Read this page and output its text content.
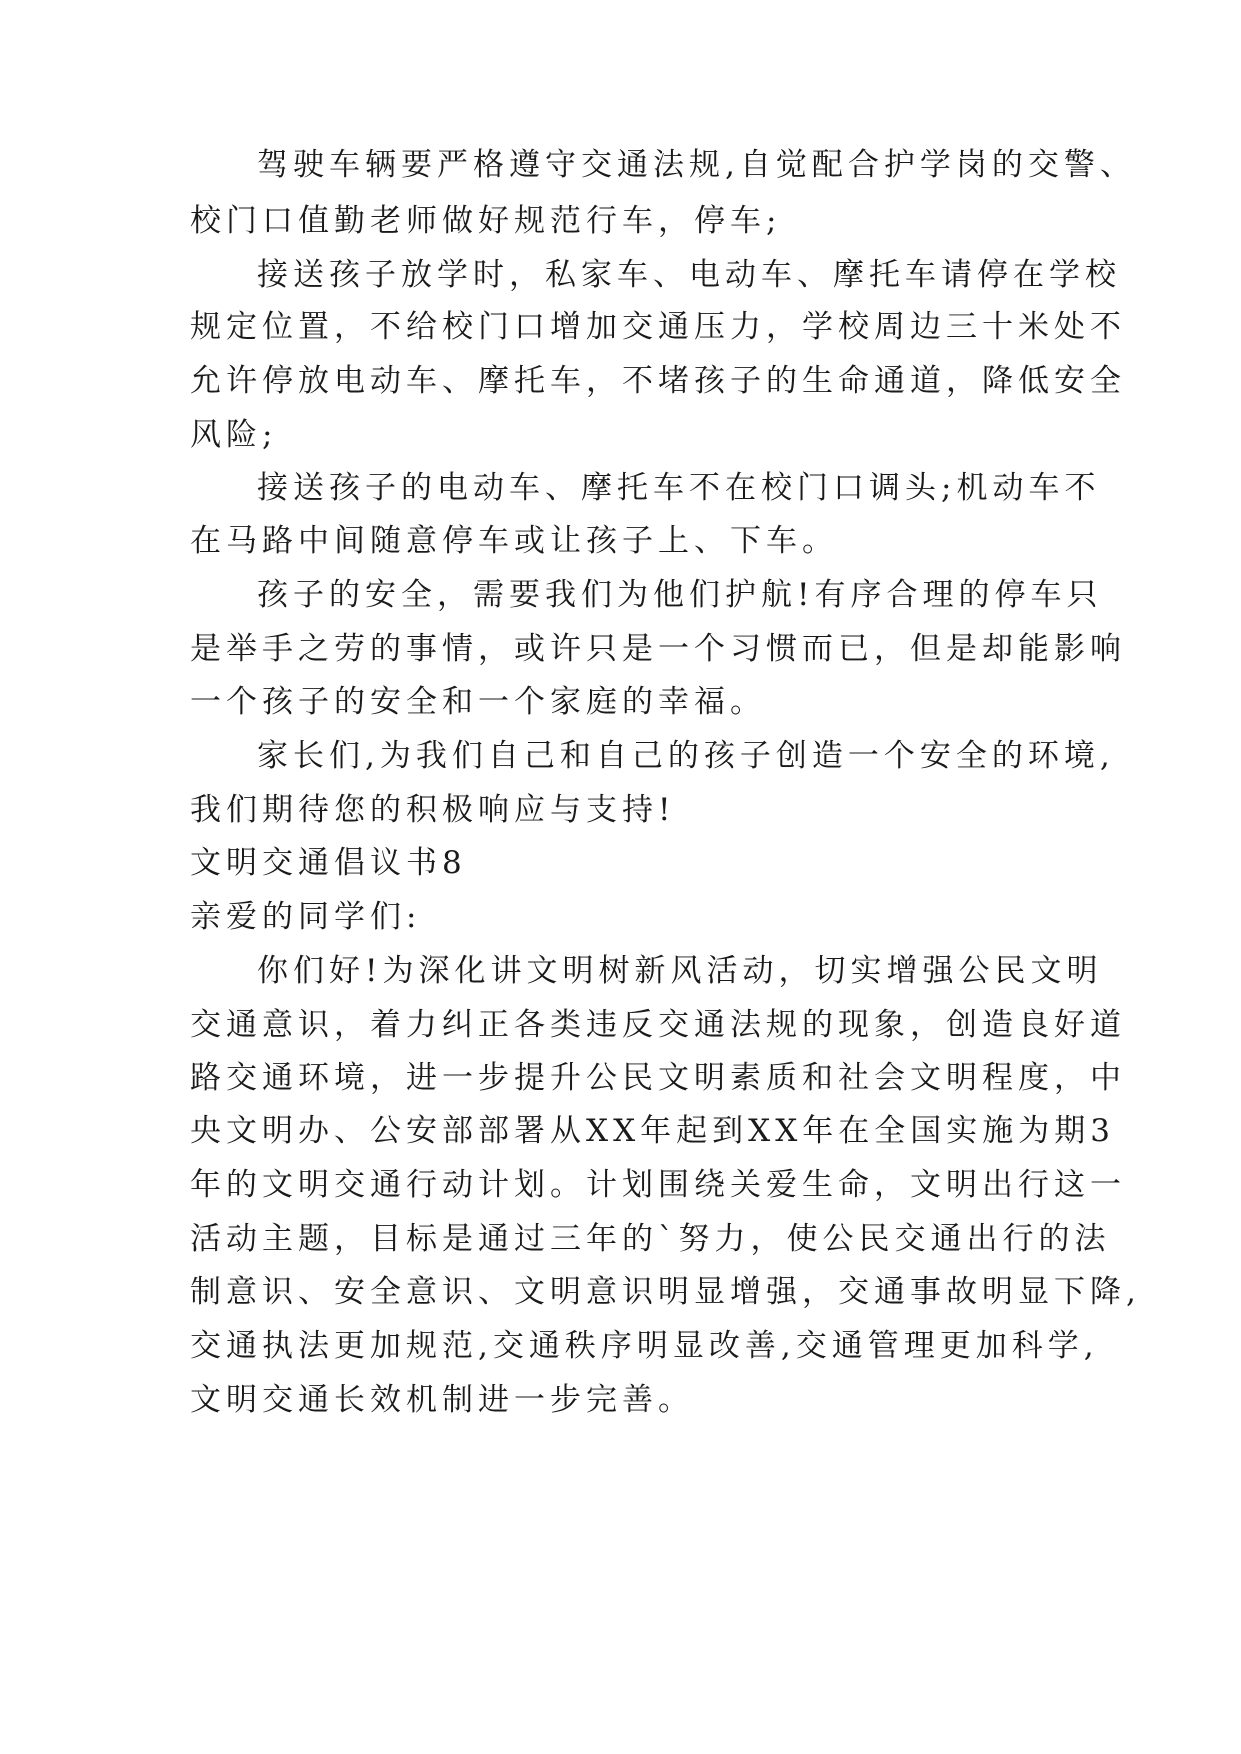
驾驶车辆要严格遵守交通法规,自觉配合护学岗的交警、
校门口值勤老师做好规范行车，停车;
接送孩子放学时，私家车、电动车、摩托车请停在学校
规定位置，不给校门口增加交通压力，学校周边三十米处不
允许停放电动车、摩托车，不堵孩子的生命通道，降低安全
风险;
接送孩子的电动车、摩托车不在校门口调头;机动车不
在马路中间随意停车或让孩子上、下车。
孩子的安全，需要我们为他们护航!有序合理的停车只
是举手之劳的事情，或许只是一个习惯而已，但是却能影响
一个孩子的安全和一个家庭的幸福。
家长们,为我们自己和自己的孩子创造一个安全的环境,
我们期待您的积极响应与支持!
文明交通倡议书8
亲爱的同学们:
你们好!为深化讲文明树新风活动，切实增强公民文明
交通意识，着力纠正各类违反交通法规的现象，创造良好道
路交通环境，进一步提升公民文明素质和社会文明程度，中
央文明办、公安部部署从XX年起到XX年在全国实施为期3
年的文明交通行动计划。计划围绕关爱生命，文明出行这一
活动主题，目标是通过三年的`努力，使公民交通出行的法
制意识、安全意识、文明意识明显增强，交通事故明显下降,
交通执法更加规范,交通秩序明显改善,交通管理更加科学,
文明交通长效机制进一步完善。
